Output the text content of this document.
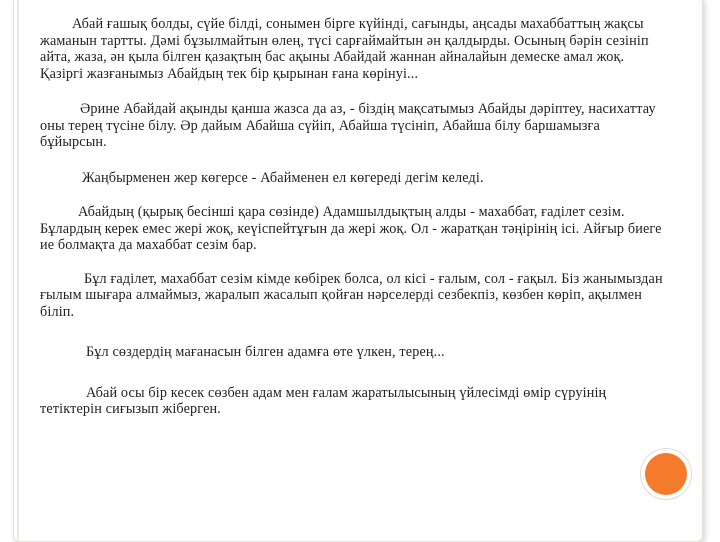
Абай ғашық болды, сүйе білді, сонымен бірге күйінді, сағынды, аңсады махаббаттың жақсы жаманын тартты. Дәмі бұзылмайтын өлең, түсі сарғаймайтын ән қалдырды. Осының бәрін сезініп айта, жаза, ән қыла білген қазақтың бас ақыны Абайдай жаннан айналайын демеске амал жоқ. Қазіргі жазғанымыз Абайдың тек бір қырынан ғана көрінуі...

Әрине Абайдай ақынды қанша жазса да аз, - біздің мақсатымыз Абайды дәріптеу, насихаттау оны терең түсіне білу. Әр дайым Абайша сүйіп, Абайша түсініп, Абайша білу баршамызға бұйырсын.

Жаңбырменен жер көгерсе - Абайменен ел көгереді дегім келеді.

Абайдың (қырық бесінші қара сөзінде) Адамшылдықтың алды - махаббат, ғаділет сезім. Бұлардың керек емес жері жоқ, кеүіспейтұғын да жері жоқ. Ол - жаратқан тәңірінің ісі. Айғыр биеге ие болмақта да махаббат сезім бар.

Бұл ғаділет, махаббат сезім кімде көбірек болса, ол кісі - ғалым, сол - ғақыл. Біз жанымыздан ғылым шығара алмаймыз, жаралып жасалып қойған нәрселерді сезбекпіз, көзбен көріп, ақылмен біліп.

Бұл сөздердің мағанасын білген адамға өте үлкен, терең...

Абай осы бір кесек сөзбен адам мен ғалам жаратылысының үйлесімді өмір сүруінің тетіктерін сиғызып жіберген.
